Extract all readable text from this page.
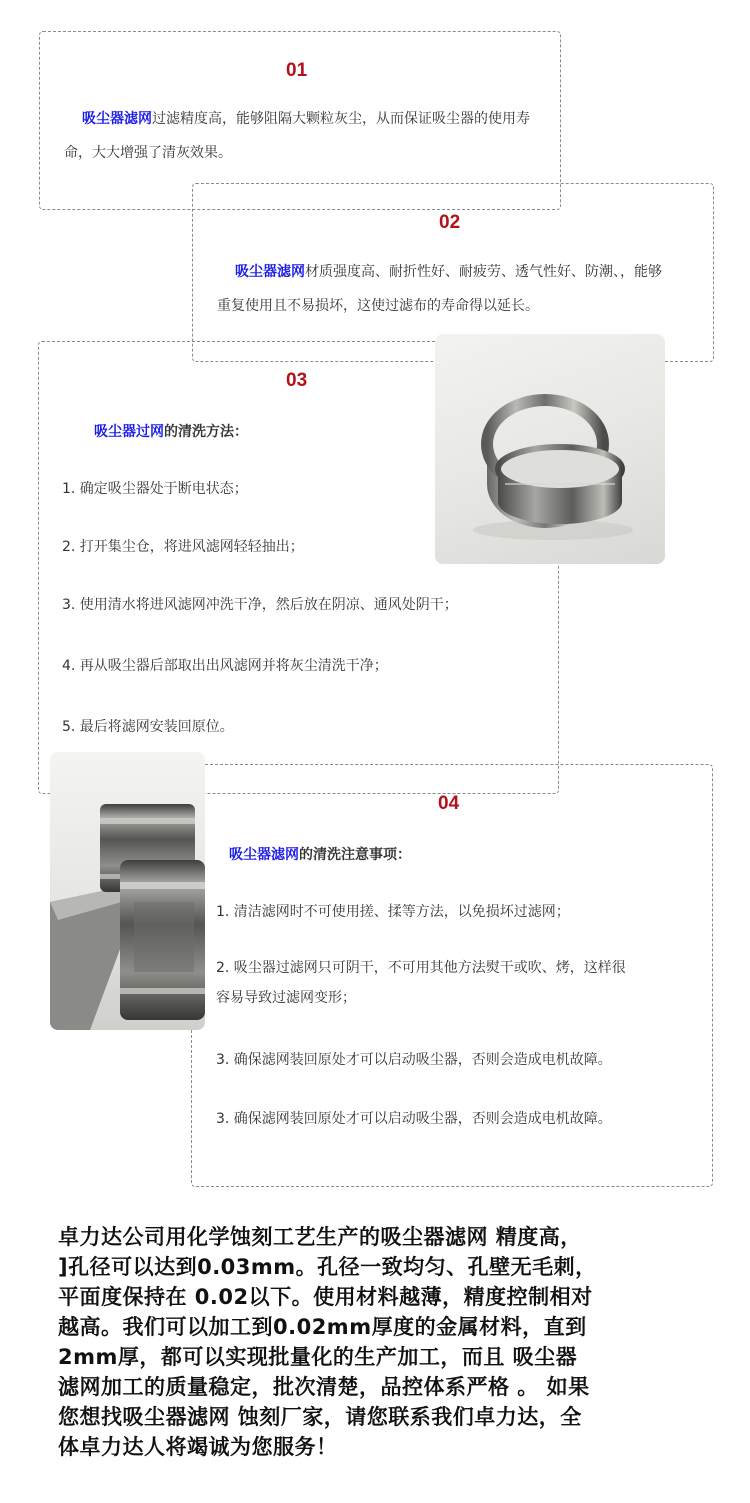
01

吸尘器滤网过滤精度高，能够阻隔大颗粒灰尘，从而保证吸尘器的使用寿命，大大增强了清灰效果。

02

吸尘器滤网材质强度高、耐折性好、耐疲劳、透气性好、防潮、，能够重复使用且不易损坏，这使过滤布的寿命得以延长。

03
吸尘器过网的清洗方法：
1. 确定吸尘器处于断电状态；
2. 打开集尘仓，将进风滤网轻轻抽出；
3. 使用清水将进风滤网冲洗干净，然后放在阴凉、通风处阴干；
4. 再从吸尘器后部取出出风滤网并将灰尘清洗干净；
5. 最后将滤网安装回原位。
04
吸尘器滤网的清洗注意事项：
1. 清洁滤网时不可使用搓、揉等方法，以免损坏过滤网；
2. 吸尘器过滤网只可阴干，不可用其他方法熨干或吹、烤，这样很
容易导致过滤网变形；
3. 确保滤网装回原处才可以启动吸尘器，否则会造成电机故障。
3. 确保滤网装回原处才可以启动吸尘器，否则会造成电机故障。
卓力达公司用化学蚀刻工艺生产的吸尘器滤网 精度高，
]孔径可以达到0.03mm。孔径一致均匀、孔壁无毛刺，
平面度保持在 0.02以下。使用材料越薄，精度控制相对
越高。我们可以加工到0.02mm厚度的金属材料，直到
2mm厚，都可以实现批量化的生产加工，而且 吸尘器
滤网加工的质量稳定，批次清楚，品控体系严格 。 如果
您想找吸尘器滤网 蚀刻厂家，请您联系我们卓力达，全
体卓力达人将竭诚为您服务！
